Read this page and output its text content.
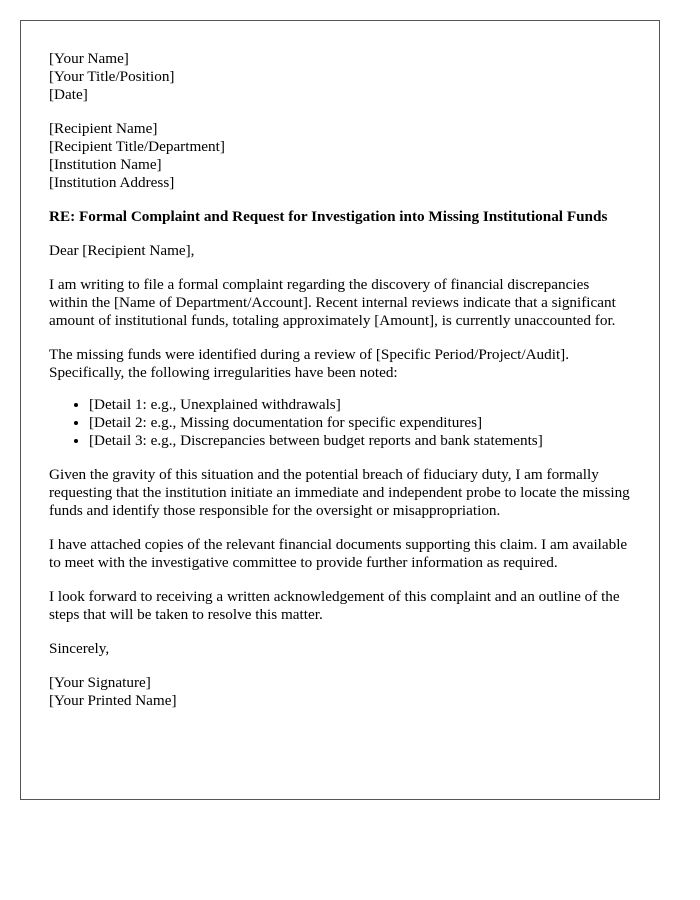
[Your Name]
[Your Title/Position]
[Date]
[Recipient Name]
[Recipient Title/Department]
[Institution Name]
[Institution Address]

RE: Formal Complaint and Request for Investigation into Missing Institutional Funds

Dear [Recipient Name],

I am writing to file a formal complaint regarding the discovery of financial discrepancies within the [Name of Department/Account]. Recent internal reviews indicate that a significant amount of institutional funds, totaling approximately [Amount], is currently unaccounted for.

The missing funds were identified during a review of [Specific Period/Project/Audit]. Specifically, the following irregularities have been noted:

• [Detail 1: e.g., Unexplained withdrawals]
• [Detail 2: e.g., Missing documentation for specific expenditures]
• [Detail 3: e.g., Discrepancies between budget reports and bank statements]

Given the gravity of this situation and the potential breach of fiduciary duty, I am formally requesting that the institution initiate an immediate and independent probe to locate the missing funds and identify those responsible for the oversight or misappropriation.

I have attached copies of the relevant financial documents supporting this claim. I am available to meet with the investigative committee to provide further information as required.

I look forward to receiving a written acknowledgement of this complaint and an outline of the steps that will be taken to resolve this matter.

Sincerely,

[Your Signature]
[Your Printed Name]
